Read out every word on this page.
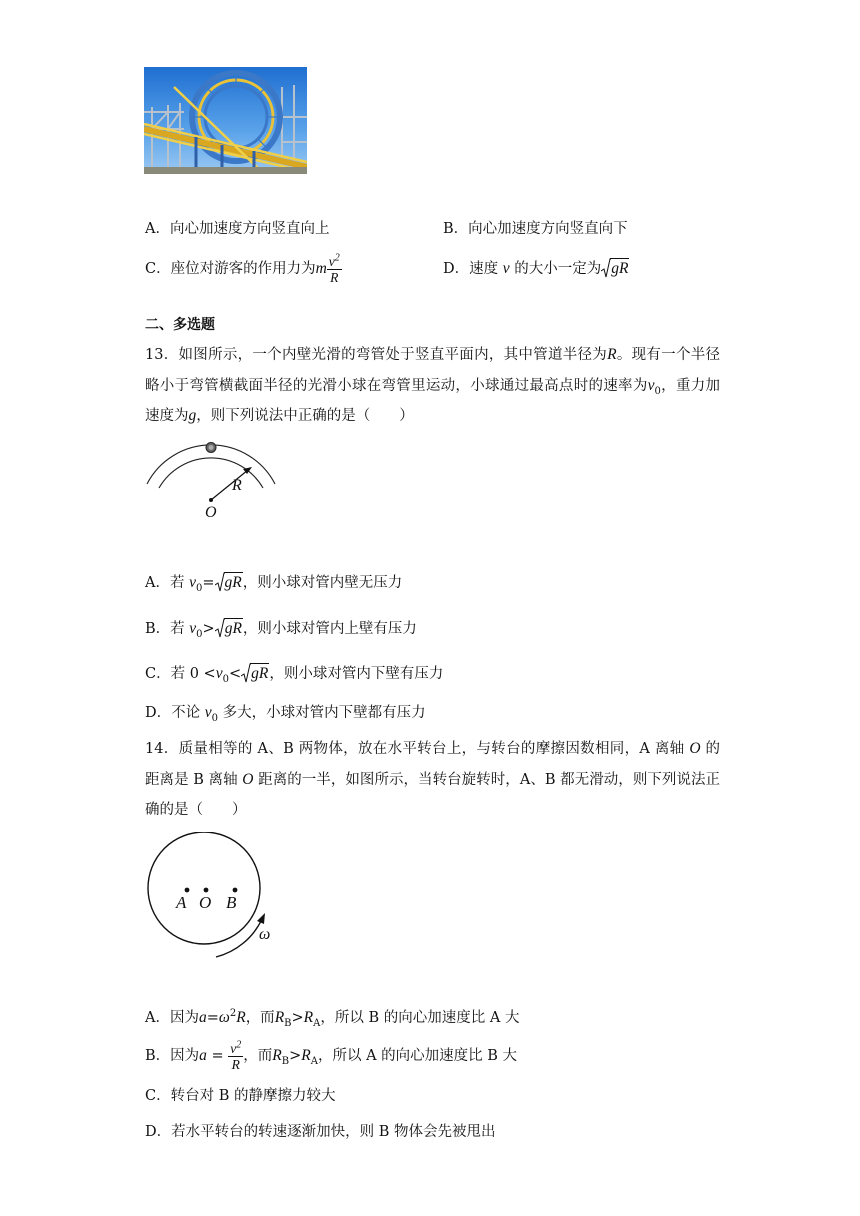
A．向心加速度方向竖直向上	B．向心加速度方向竖直向下
C．座位对游客的作用力为m $\frac{v^2}{R}$	D．速度 v 的大小一定为 gR
二、多选题
13．如图所示，一个内壁光滑的弯管处于竖直平面内，其中管道半径为R。现有一个半径略小于弯管横截面半径的光滑小球在弯管里运动，小球通过最高点时的速率为$v_0$，重力加速度为g，则下列说法中正确的是（　　）
R
O
A．若 $v_0=$ gR，则小球对管内壁无压力
B．若 $v_0>$ gR，则小球对管内上壁有压力
C．若 $0 <v_0<$ gR，则小球对管内下壁有压力
D．不论 $v_0$ 多大，小球对管内下壁都有压力
14．质量相等的 A、B 两物体，放在水平转台上，与转台的摩擦因数相同，A 离轴 O 的距离是 B 离轴 O 距离的一半，如图所示，当转台旋转时，A、B 都无滑动，则下列说法正确的是（　　）
A O B
ω
A．因为$a=\omega^2R$，而$R_B>R_A$，所以 B 的向心加速度比 A 大
B．因为$a = \frac{v^2}{R}$ ，而$R_B>R_A$，所以 A 的向心加速度比 B 大
C．转台对 B 的静摩擦力较大
D．若水平转台的转速逐渐加快，则 B 物体会先被甩出
